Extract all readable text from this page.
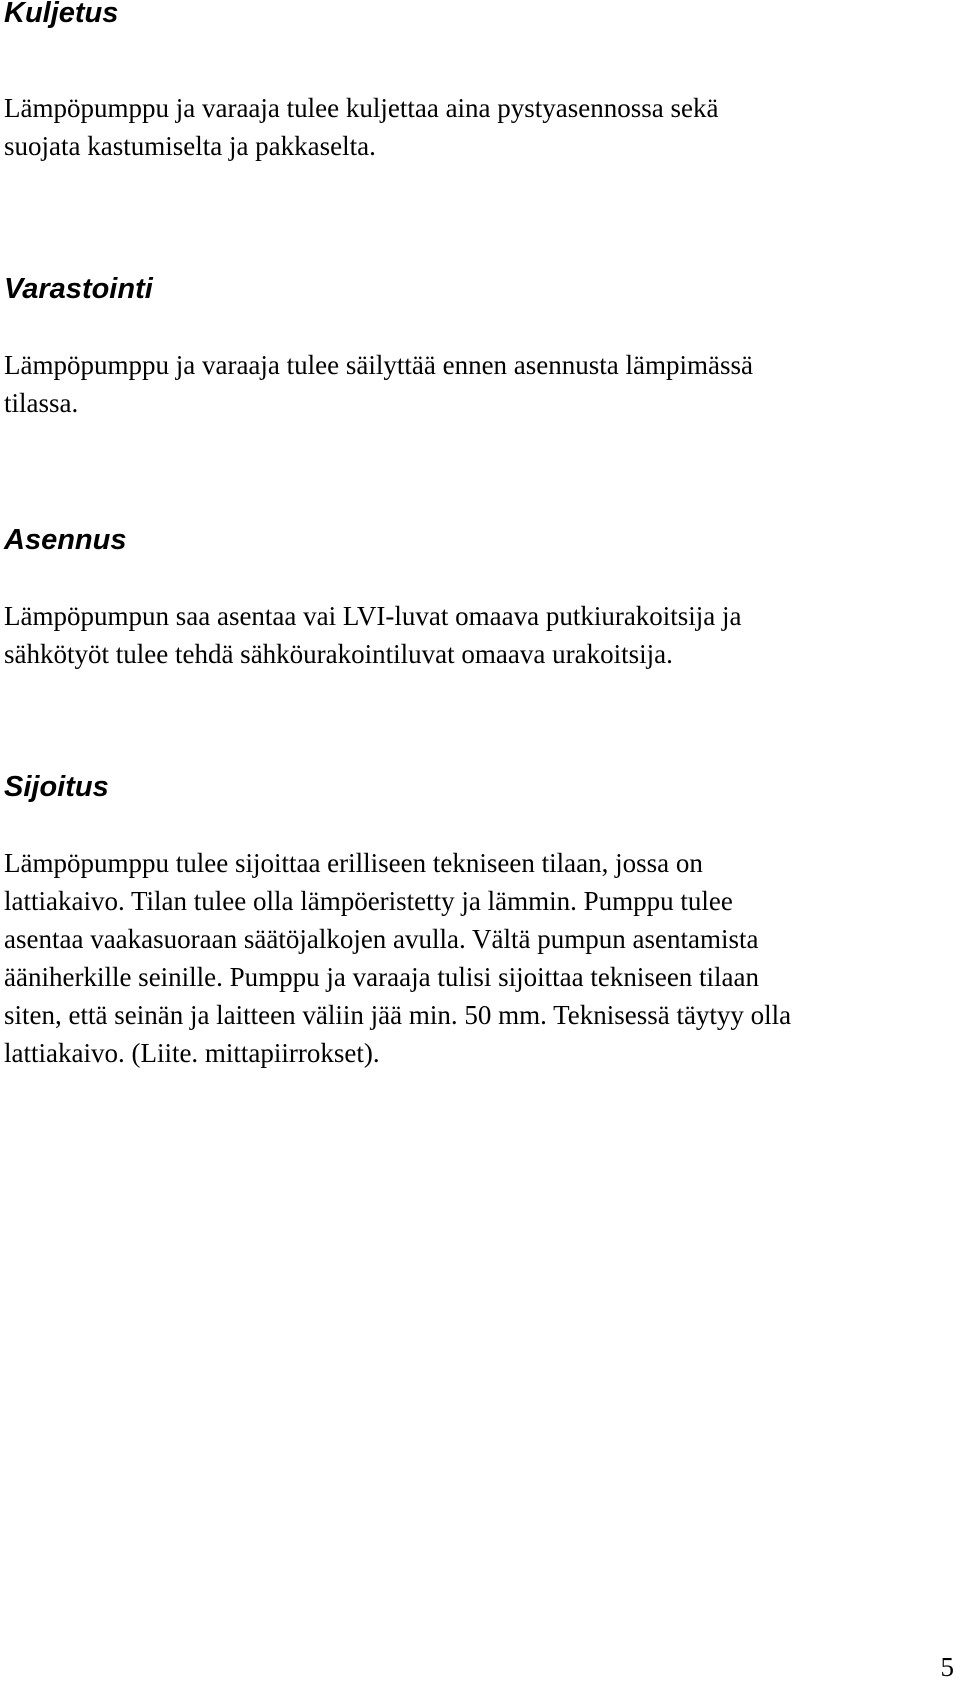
Kuljetus

Lämpöpumppu ja varaaja tulee kuljettaa aina pystyasennossa sekä
suojata kastumiselta ja pakkaselta.

Varastointi

Lämpöpumppu ja varaaja tulee säilyttää ennen asennusta lämpimässä
tilassa.

Asennus

Lämpöpumpun saa asentaa vai LVI-luvat omaava putkiurakoitsija ja
sähkötyöt tulee tehdä sähköurakointiluvat omaava urakoitsija.

Sijoitus

Lämpöpumppu tulee sijoittaa erilliseen tekniseen tilaan, jossa on
lattiakaivo. Tilan tulee olla lämpöeristetty ja lämmin. Pumppu tulee
asentaa vaakasuoraan säätöjalkojen avulla. Vältä pumpun asentamista
ääniherkille seinille. Pumppu ja varaaja tulisi sijoittaa tekniseen tilaan
siten, että seinän ja laitteen väliin jää min. 50 mm. Teknisessä täytyy olla
lattiakaivo. (Liite. mittapiirrokset).

5
